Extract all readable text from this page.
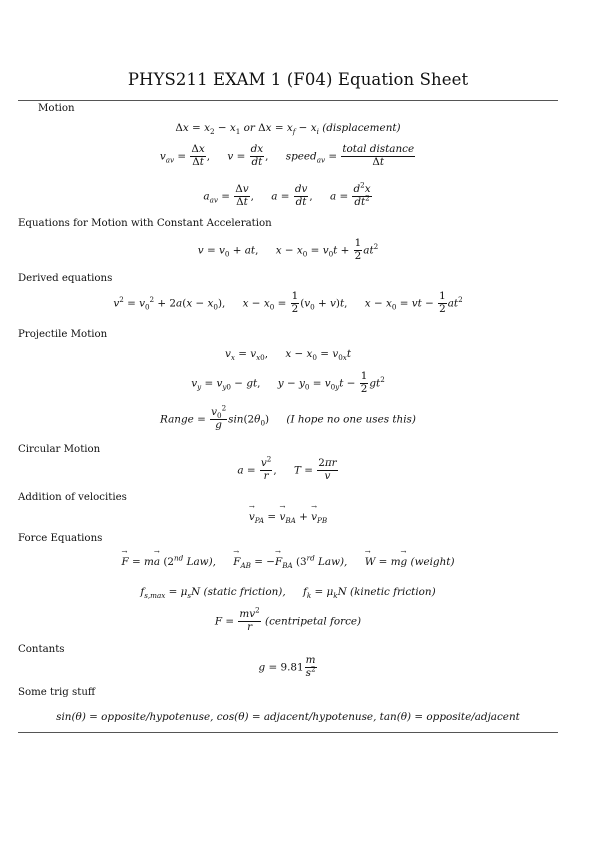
PHYS211 EXAM 1 (F04) Equation Sheet
Motion
$\Delta x = x_2 - x_1$ or $\Delta x = x_f - x_i$ (displacement)
$v_{av} = \frac{\Delta x}{\Delta t}$ , $v = \frac{dx}{dt}$ , speed$_{av}$ = $\frac{\text{total distance}}{\Delta t}$
$a_{av} = \frac{\Delta v}{\Delta t}$ , $a = \frac{dv}{dt}$ , $a = \frac{d^2x}{dt^2}$
Equations for Motion with Constant Acceleration
$v = v_0$ + at, $x - x_0 = v_0t + \frac{1}{2} at^2$
Derived equations
$v^2 = v_0^2 + 2a(x - x_0)$, $x - x_0 = \frac{1}{2} (v_0 + v)t$, $x - x_0$ = vt − $\frac{1}{2} at^2$
Projectile Motion
$v_x = v_{x0}$, $x - x_0 = v_{0x}t$
$v_y = v_{y0}$ − gt, $y - y_0 = v_{0y}t - \frac{1}{2} gt^2$
Range = $\frac{v_0^2}{g} \sin(2\theta_0)$ (I hope no one uses this)
Circular Motion
$a = \frac{v^2}{r}$ , $T = \frac{2\pi r}{v}$
Addition of velocities
→ $v_{PA}$ = → $v_{BA}$ + → $v_{PB}$
Force Equations
→ F = m→ a (2nd Law), → $F_{AB}$ = −→ $F_{BA}$ (3rd Law), → W = m→ g (weight)
$f_{s,max} = \mu_sN$ (static friction), $f_k = \mu_kN$ (kinetic friction)
$F = \frac{mv^2}{r}$ (centripetal force)
Contants
$g = 9.81 \frac{m}{s^2}$
Some trig stuff
sin(θ) = opposite/hypotenuse, cos(θ) = adjacent/hypotenuse, tan(θ) = opposite/adjacent
